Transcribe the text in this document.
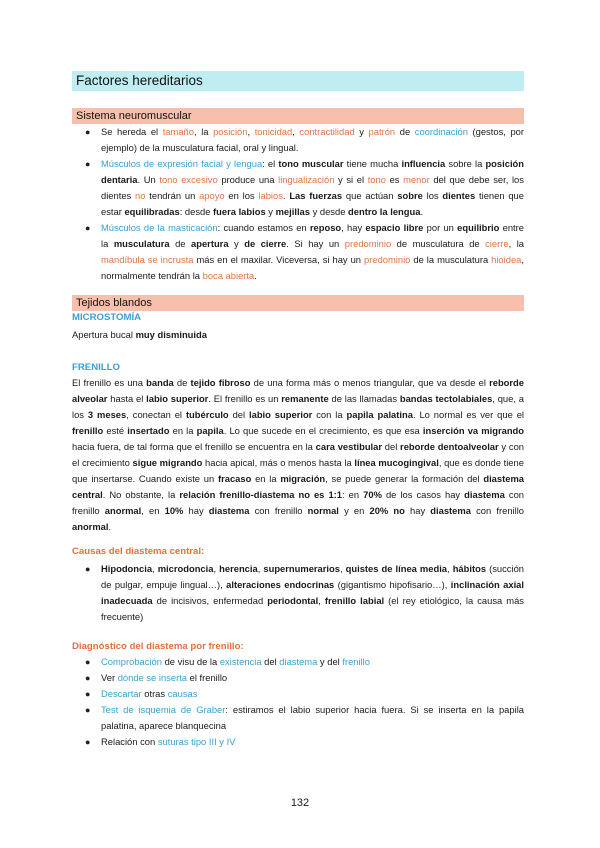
Factores hereditarios
Sistema neuromuscular
● Se hereda el tamaño, la posición, tonicidad, contractilidad y patrón de coordinación (gestos, por ejemplo) de la musculatura facial, oral y lingual.
● Músculos de expresión facial y lengua: el tono muscular tiene mucha influencia sobre la posición dentaria. Un tono excesivo produce una lingualización y si el tono es menor del que debe ser, los dientes no tendrán un apoyo en los labios. Las fuerzas que actúan sobre los dientes tienen que estar equilibradas: desde fuera labios y mejillas y desde dentro la lengua.
● Músculos de la masticación: cuando estamos en reposo, hay espacio libre por un equilibrio entre la musculatura de apertura y de cierre. Si hay un predominio de musculatura de cierre, la mandíbula se incrusta más en el maxilar. Viceversa, si hay un predominio de la musculatura hioidea, normalmente tendrán la boca abierta.
Tejidos blandos
MICROSTOMÍA

Apertura bucal muy disminuida

FRENILLO

El frenillo es una banda de tejido fibroso de una forma más o menos triangular, que va desde el reborde alveolar hasta el labio superior. El frenillo es un remanente de las llamadas bandas tectolabiales, que, a los 3 meses, conectan el tubérculo del labio superior con la papila palatina. Lo normal es ver que el frenillo esté insertado en la papila. Lo que sucede en el crecimiento, es que esa inserción va migrando hacia fuera, de tal forma que el frenillo se encuentra en la cara vestibular del reborde dentoalveolar y con el crecimiento sigue migrando hacia apical, más o menos hasta la línea mucogingival, que es donde tiene que insertarse. Cuando existe un fracaso en la migración, se puede generar la formación del diastema central. No obstante, la relación frenillo-diastema no es 1:1: en 70% de los casos hay diastema con frenillo anormal, en 10% hay diastema con frenillo normal y en 20% no hay diastema con frenillo anormal.

Causas del diastema central:
● Hipodoncia, microdoncia, herencia, supernumerarios, quistes de línea media, hábitos (succión de pulgar, empuje lingual…), alteraciones endocrinas (gigantismo hipofisario…), inclinación axial inadecuada de incisivos, enfermedad periodontal, frenillo labial (el rey etiológico, la causa más frecuente)
Diagnóstico del diastema por frenillo:
● Comprobación de visu de la existencia del diastema y del frenillo
● Ver dónde se inserta el frenillo
● Descartar otras causas
● Test de isquemia de Graber: estiramos el labio superior hacia fuera. Si se inserta en la papila palatina, aparece blanquecina
● Relación con suturas tipo III y IV
132
